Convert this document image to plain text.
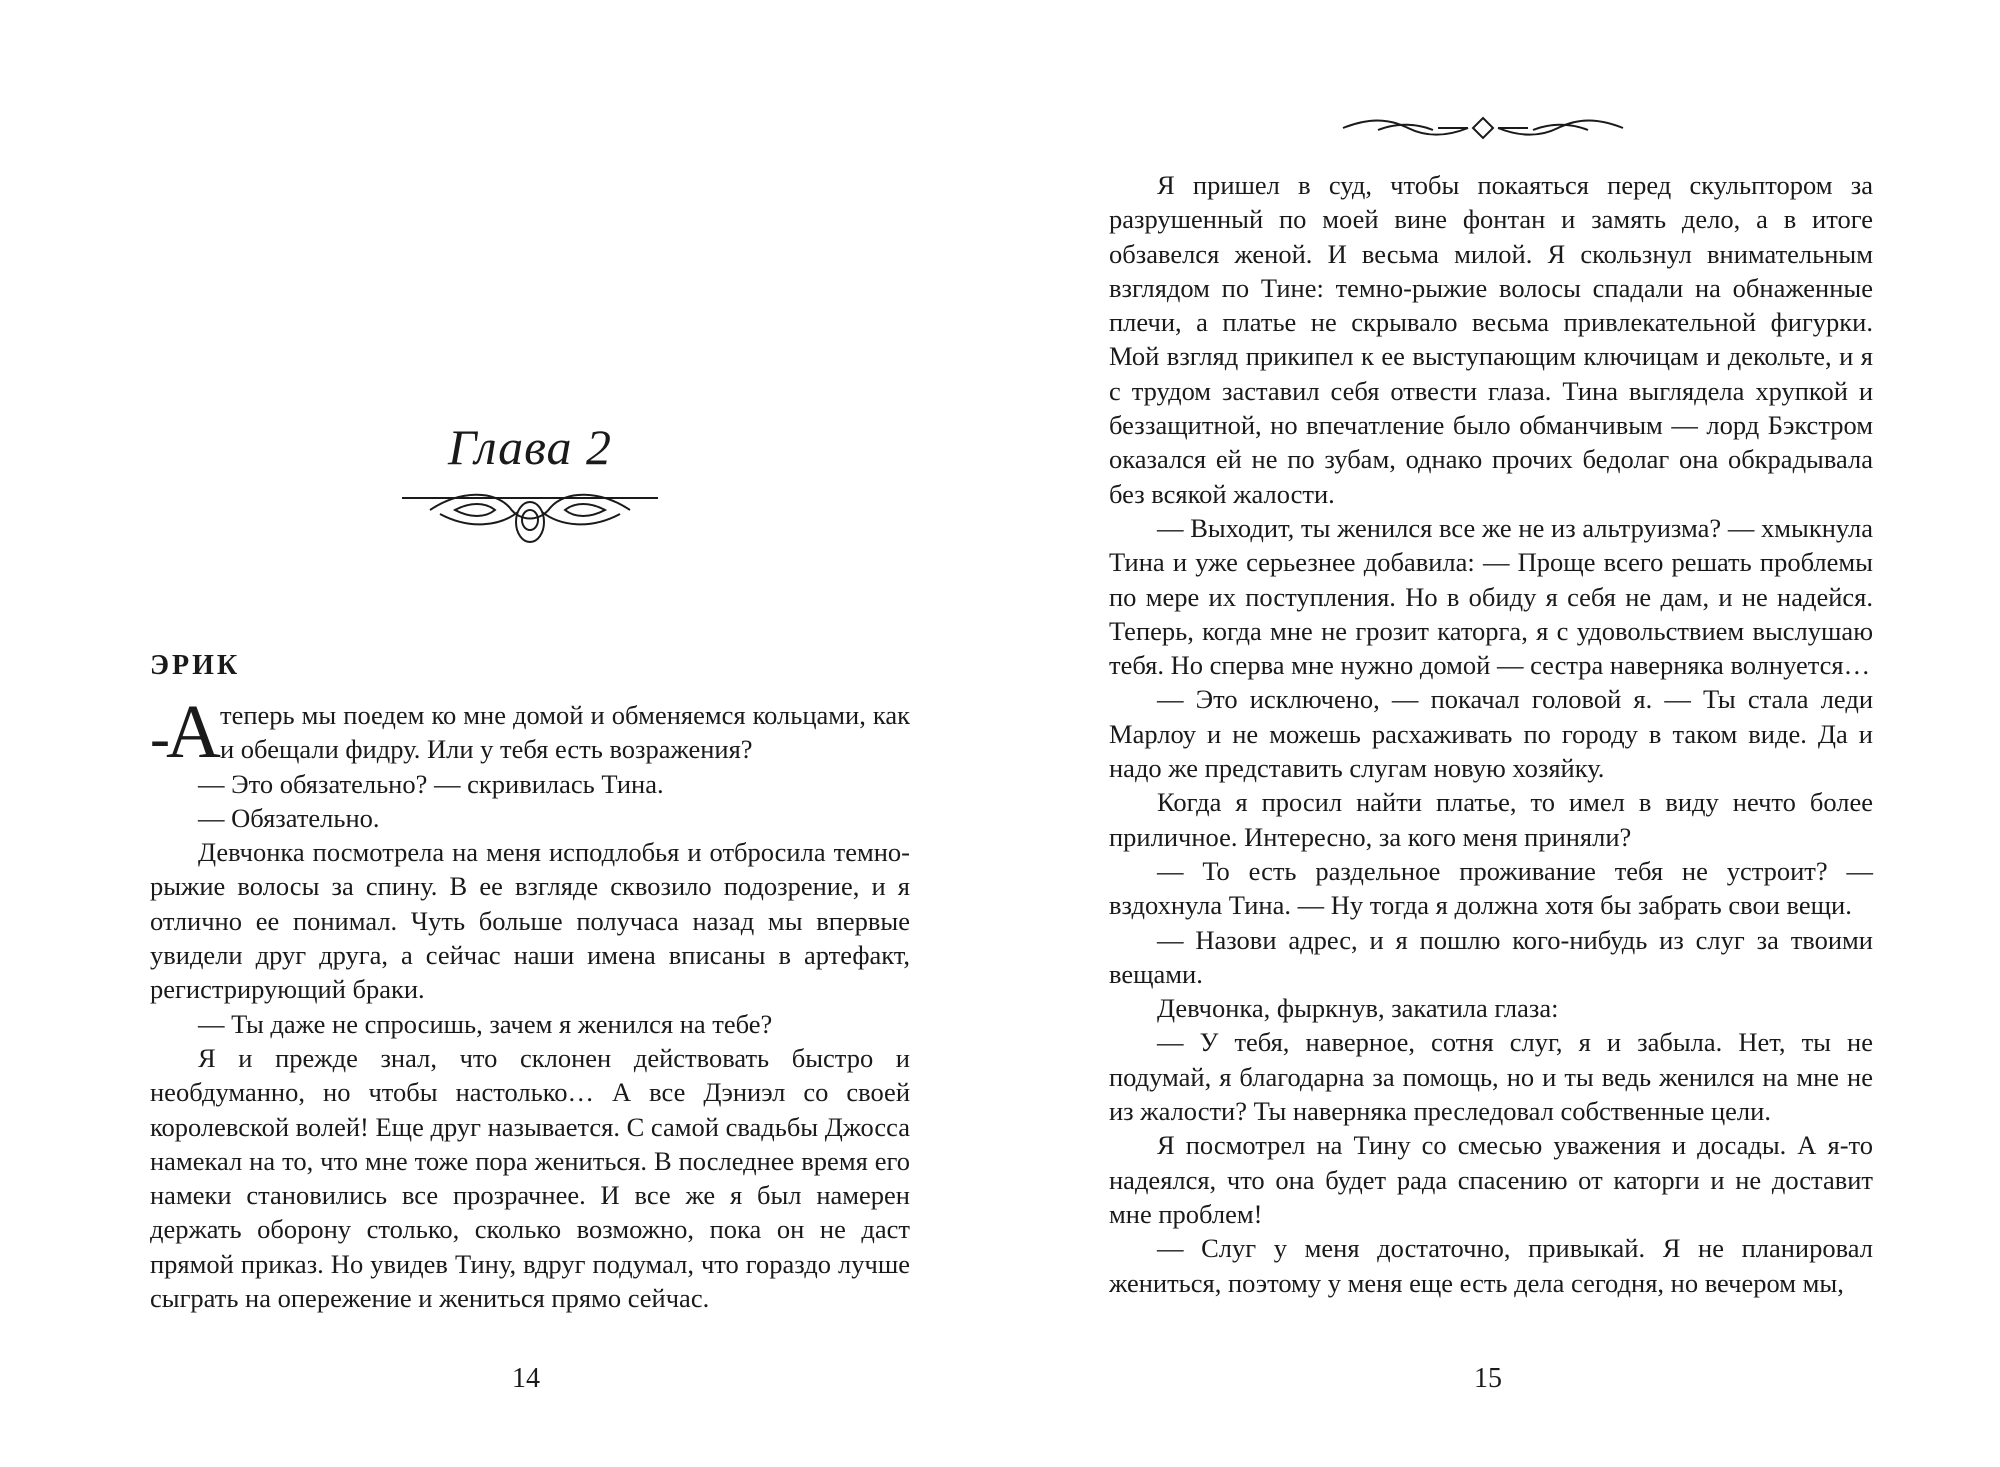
Глава 2
ЭРИК

-
А теперь мы поедем ко мне домой и обменяемся кольцами, как и обещали фидру. Или у тебя есть возражения?

— Это обязательно? — скривилась Тина.

— Обязательно.

Девчонка посмотрела на меня исподлобья и отбросила темно-рыжие волосы за спину. В ее взгляде сквозило подозрение, и я отлично ее понимал. Чуть больше получаса назад мы впервые увидели друг друга, а сейчас наши имена вписаны в артефакт, регистрирующий браки.

— Ты даже не спросишь, зачем я женился на тебе?

Я и прежде знал, что склонен действовать быстро и необдуманно, но чтобы настолько… А все Дэниэл со своей королевской волей! Еще друг называется. С самой свадьбы Джосса намекал на то, что мне тоже пора жениться. В последнее время его намеки становились все прозрачнее. И все же я был намерен держать оборону столько, сколько возможно, пока он не даст прямой приказ. Но увидев Тину, вдруг подумал, что гораздо лучше сыграть на опережение и жениться прямо сейчас.

14

Я пришел в суд, чтобы покаяться перед скульптором за разрушенный по моей вине фонтан и замять дело, а в итоге обзавелся женой. И весьма милой. Я скользнул внимательным взглядом по Тине: темно-рыжие волосы спадали на обнаженные плечи, а платье не скрывало весьма привлекательной фигурки. Мой взгляд прикипел к ее выступающим ключицам и декольте, и я с трудом заставил себя отвести глаза. Тина выглядела хрупкой и беззащитной, но впечатление было обманчивым — лорд Бэкстром оказался ей не по зубам, однако прочих бедолаг она обкрадывала без всякой жалости.

— Выходит, ты женился все же не из альтруизма? — хмыкнула Тина и уже серьезнее добавила: — Проще всего решать проблемы по мере их поступления. Но в обиду я себя не дам, и не надейся. Теперь, когда мне не грозит каторга, я с удовольствием выслушаю тебя. Но сперва мне нужно домой — сестра наверняка волнуется…

— Это исключено, — покачал головой я. — Ты стала леди Марлоу и не можешь расхаживать по городу в таком виде. Да и надо же представить слугам новую хозяйку.

Когда я просил найти платье, то имел в виду нечто более приличное. Интересно, за кого меня приняли?

— То есть раздельное проживание тебя не устроит? — вздохнула Тина. — Ну тогда я должна хотя бы забрать свои вещи.

— Назови адрес, и я пошлю кого-нибудь из слуг за твоими вещами.

Девчонка, фыркнув, закатила глаза:

— У тебя, наверное, сотня слуг, я и забыла. Нет, ты не подумай, я благодарна за помощь, но и ты ведь женился на мне не из жалости? Ты наверняка преследовал собственные цели.

Я посмотрел на Тину со смесью уважения и досады. А я-то надеялся, что она будет рада спасению от каторги и не доставит мне проблем!

— Слуг у меня достаточно, привыкай. Я не планировал жениться, поэтому у меня еще есть дела сегодня, но вечером мы,

15
